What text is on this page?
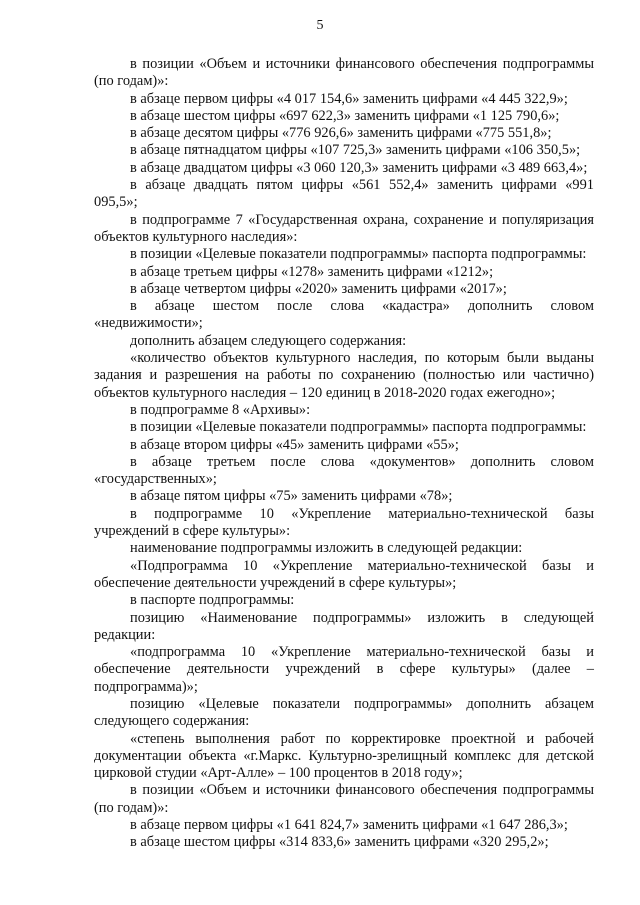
5

в позиции «Объем и источники финансового обеспечения подпрограммы (по годам)»:

в абзаце первом цифры «4 017 154,6» заменить цифрами «4 445 322,9»;

в абзаце шестом цифры «697 622,3» заменить цифрами «1 125 790,6»;

в абзаце десятом цифры «776 926,6» заменить цифрами «775 551,8»;

в абзаце пятнадцатом цифры «107 725,3» заменить цифрами «106 350,5»;

в абзаце двадцатом цифры «3 060 120,3» заменить цифрами «3 489 663,4»;

в абзаце двадцать пятом цифры «561 552,4» заменить цифрами «991 095,5»;

в подпрограмме 7 «Государственная охрана, сохранение и популяризация объектов культурного наследия»:

в позиции «Целевые показатели подпрограммы» паспорта подпрограммы:

в абзаце третьем цифры «1278» заменить цифрами «1212»;

в абзаце четвертом цифры «2020» заменить цифрами «2017»;

в абзаце шестом после слова «кадастра» дополнить словом «недвижимости»;

дополнить абзацем следующего содержания:

«количество объектов культурного наследия, по которым были выданы задания и разрешения на работы по сохранению (полностью или частично) объектов культурного наследия – 120 единиц в 2018-2020 годах ежегодно»;

в подпрограмме 8 «Архивы»:

в позиции «Целевые показатели подпрограммы» паспорта подпрограммы:

в абзаце втором цифры «45» заменить цифрами «55»;

в абзаце третьем после слова «документов» дополнить словом «государственных»;

в абзаце пятом цифры «75» заменить цифрами «78»;

в подпрограмме 10 «Укрепление материально-технической базы учреждений в сфере культуры»:

наименование подпрограммы изложить в следующей редакции:

«Подпрограмма 10 «Укрепление материально-технической базы и обеспечение деятельности учреждений в сфере культуры»;

в паспорте подпрограммы:

позицию «Наименование подпрограммы» изложить в следующей редакции:

«подпрограмма 10 «Укрепление материально-технической базы и обеспечение деятельности учреждений в сфере культуры» (далее – подпрограмма)»;

позицию «Целевые показатели подпрограммы» дополнить абзацем следующего содержания:

«степень выполнения работ по корректировке проектной и рабочей документации объекта «г.Маркс. Культурно-зрелищный комплекс для детской цирковой студии «Арт-Алле» – 100 процентов в 2018 году»;

в позиции «Объем и источники финансового обеспечения подпрограммы (по годам)»:

в абзаце первом цифры «1 641 824,7» заменить цифрами «1 647 286,3»;

в абзаце шестом цифры «314 833,6» заменить цифрами «320 295,2»;
